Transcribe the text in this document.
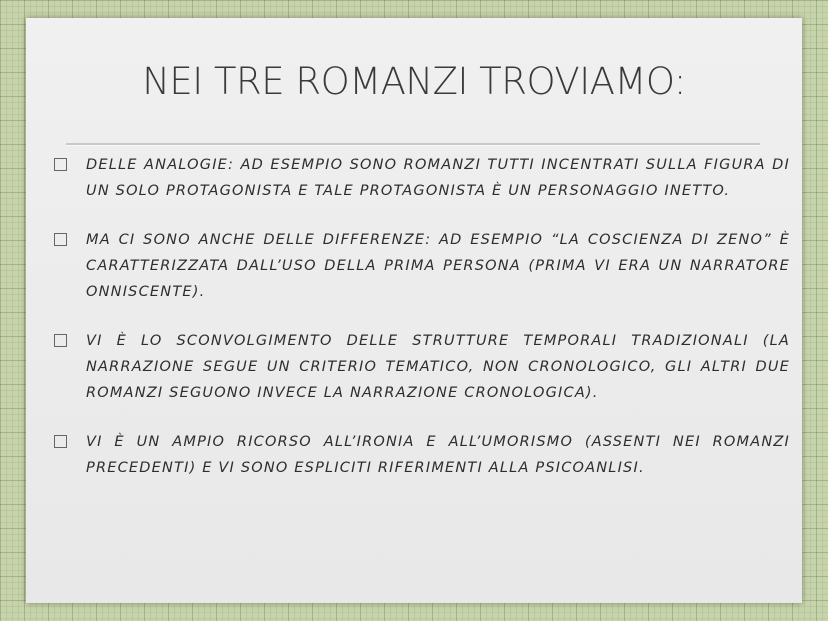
NEI TRE ROMANZI TROVIAMO:
DELLE ANALOGIE: AD ESEMPIO SONO ROMANZI TUTTI INCENTRATI SULLA FIGURA DI UN SOLO PROTAGONISTA E TALE PROTAGONISTA È UN PERSONAGGIO INETTO.
MA CI SONO ANCHE DELLE DIFFERENZE: AD ESEMPIO “LA COSCIENZA DI ZENO” È CARATTERIZZATA DALL’USO DELLA PRIMA PERSONA (PRIMA VI ERA UN NARRATORE ONNISCENTE).
VI È LO SCONVOLGIMENTO DELLE STRUTTURE TEMPORALI TRADIZIONALI (LA NARRAZIONE SEGUE UN CRITERIO TEMATICO, NON CRONOLOGICO, GLI ALTRI DUE ROMANZI SEGUONO INVECE LA NARRAZIONE CRONOLOGICA).
VI È UN AMPIO RICORSO ALL’IRONIA E ALL’UMORISMO (ASSENTI NEI ROMANZI PRECEDENTI) E VI SONO ESPLICITI RIFERIMENTI ALLA PSICOANLISI.
